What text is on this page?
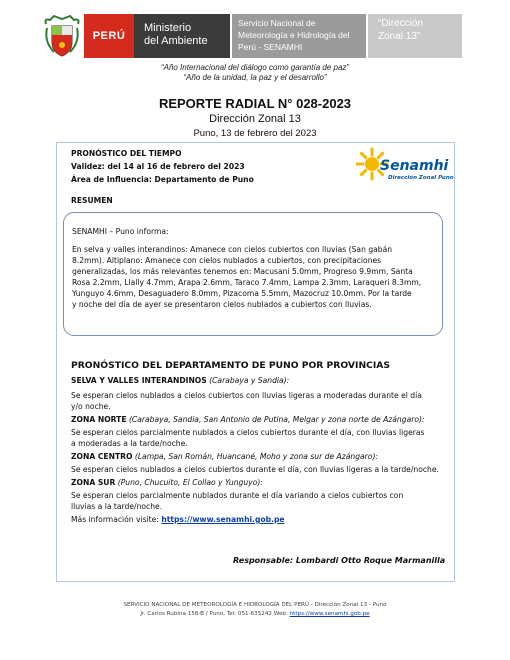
PERÚ
Ministerio
del Ambiente
Servicio Nacional de
Meteorología e Hidrología del
Perú - SENAMHI
“Dirección
Zonal 13”
“Año Internacional del diálogo como garantía de paz”
“Año de la unidad, la paz y el desarrollo”
REPORTE RADIAL N° 028-2023
Dirección Zonal 13
Puno, 13 de febrero del 2023
PRONÓSTICO DEL TIEMPO
Validez: del 14 al 16 de febrero del 2023
Área de Influencia: Departamento de Puno
RESUMEN
Senamhi
Dirección Zonal Puno
SENAMHI – Puno informa:
En selva y valles interandinos: Amanece con cielos cubiertos con lluvias (San gabán
8.2mm). Altiplano: Amanece con cielos nublados a cubiertos, con precipitaciones
generalizadas, los más relevantes tenemos en: Macusani 5.0mm, Progreso 9.9mm, Santa
Rosa 2.2mm, Llally 4.7mm, Arapa 2.6mm, Taraco 7.4mm, Lampa 2.3mm, Laraqueri 8.3mm,
Yunguyo 4.6mm, Desaguadero 8.0mm, Pizacoma 5.5mm, Mazocruz 10.0mm. Por la tarde
y noche del día de ayer se presentaron cielos nublados a cubiertos con lluvias.
PRONÓSTICO DEL DEPARTAMENTO DE PUNO POR PROVINCIAS
SELVA Y VALLES INTERANDINOS (Carabaya y Sandia):
Se esperan cielos nublados a cielos cubiertos con lluvias ligeras a moderadas durante el día
y/o noche.
ZONA NORTE (Carabaya, Sandia, San Antonio de Putina, Melgar y zona norte de Azángaro):
Se esperan cielos parcialmente nublados a cielos cubiertos durante el día, con lluvias ligeras
a moderadas a la tarde/noche.
ZONA CENTRO (Lampa, San Román, Huancané, Moho y zona sur de Azángaro):
Se esperan cielos nublados a cielos cubiertos durante el día, con lluvias ligeras a la tarde/noche.
ZONA SUR (Puno, Chucuito, El Collao y Yunguyo):
Se esperan cielos parcialmente nublados durante el día variando a cielos cubiertos con
lluvias a la tarde/noche.
Más información visite: https://www.senamhi.gob.pe
Responsable: Lombardi Otto Roque Marmanilla
SERVICIO NACIONAL DE METEOROLOGÍA E HIDROLOGÍA DEL PERÚ - Dirección Zonal 13 - Puno
Jr. Carlos Rubina 158-B / Puno, Tel: 051-635242 Web: https://www.senamhi.gob.pe
